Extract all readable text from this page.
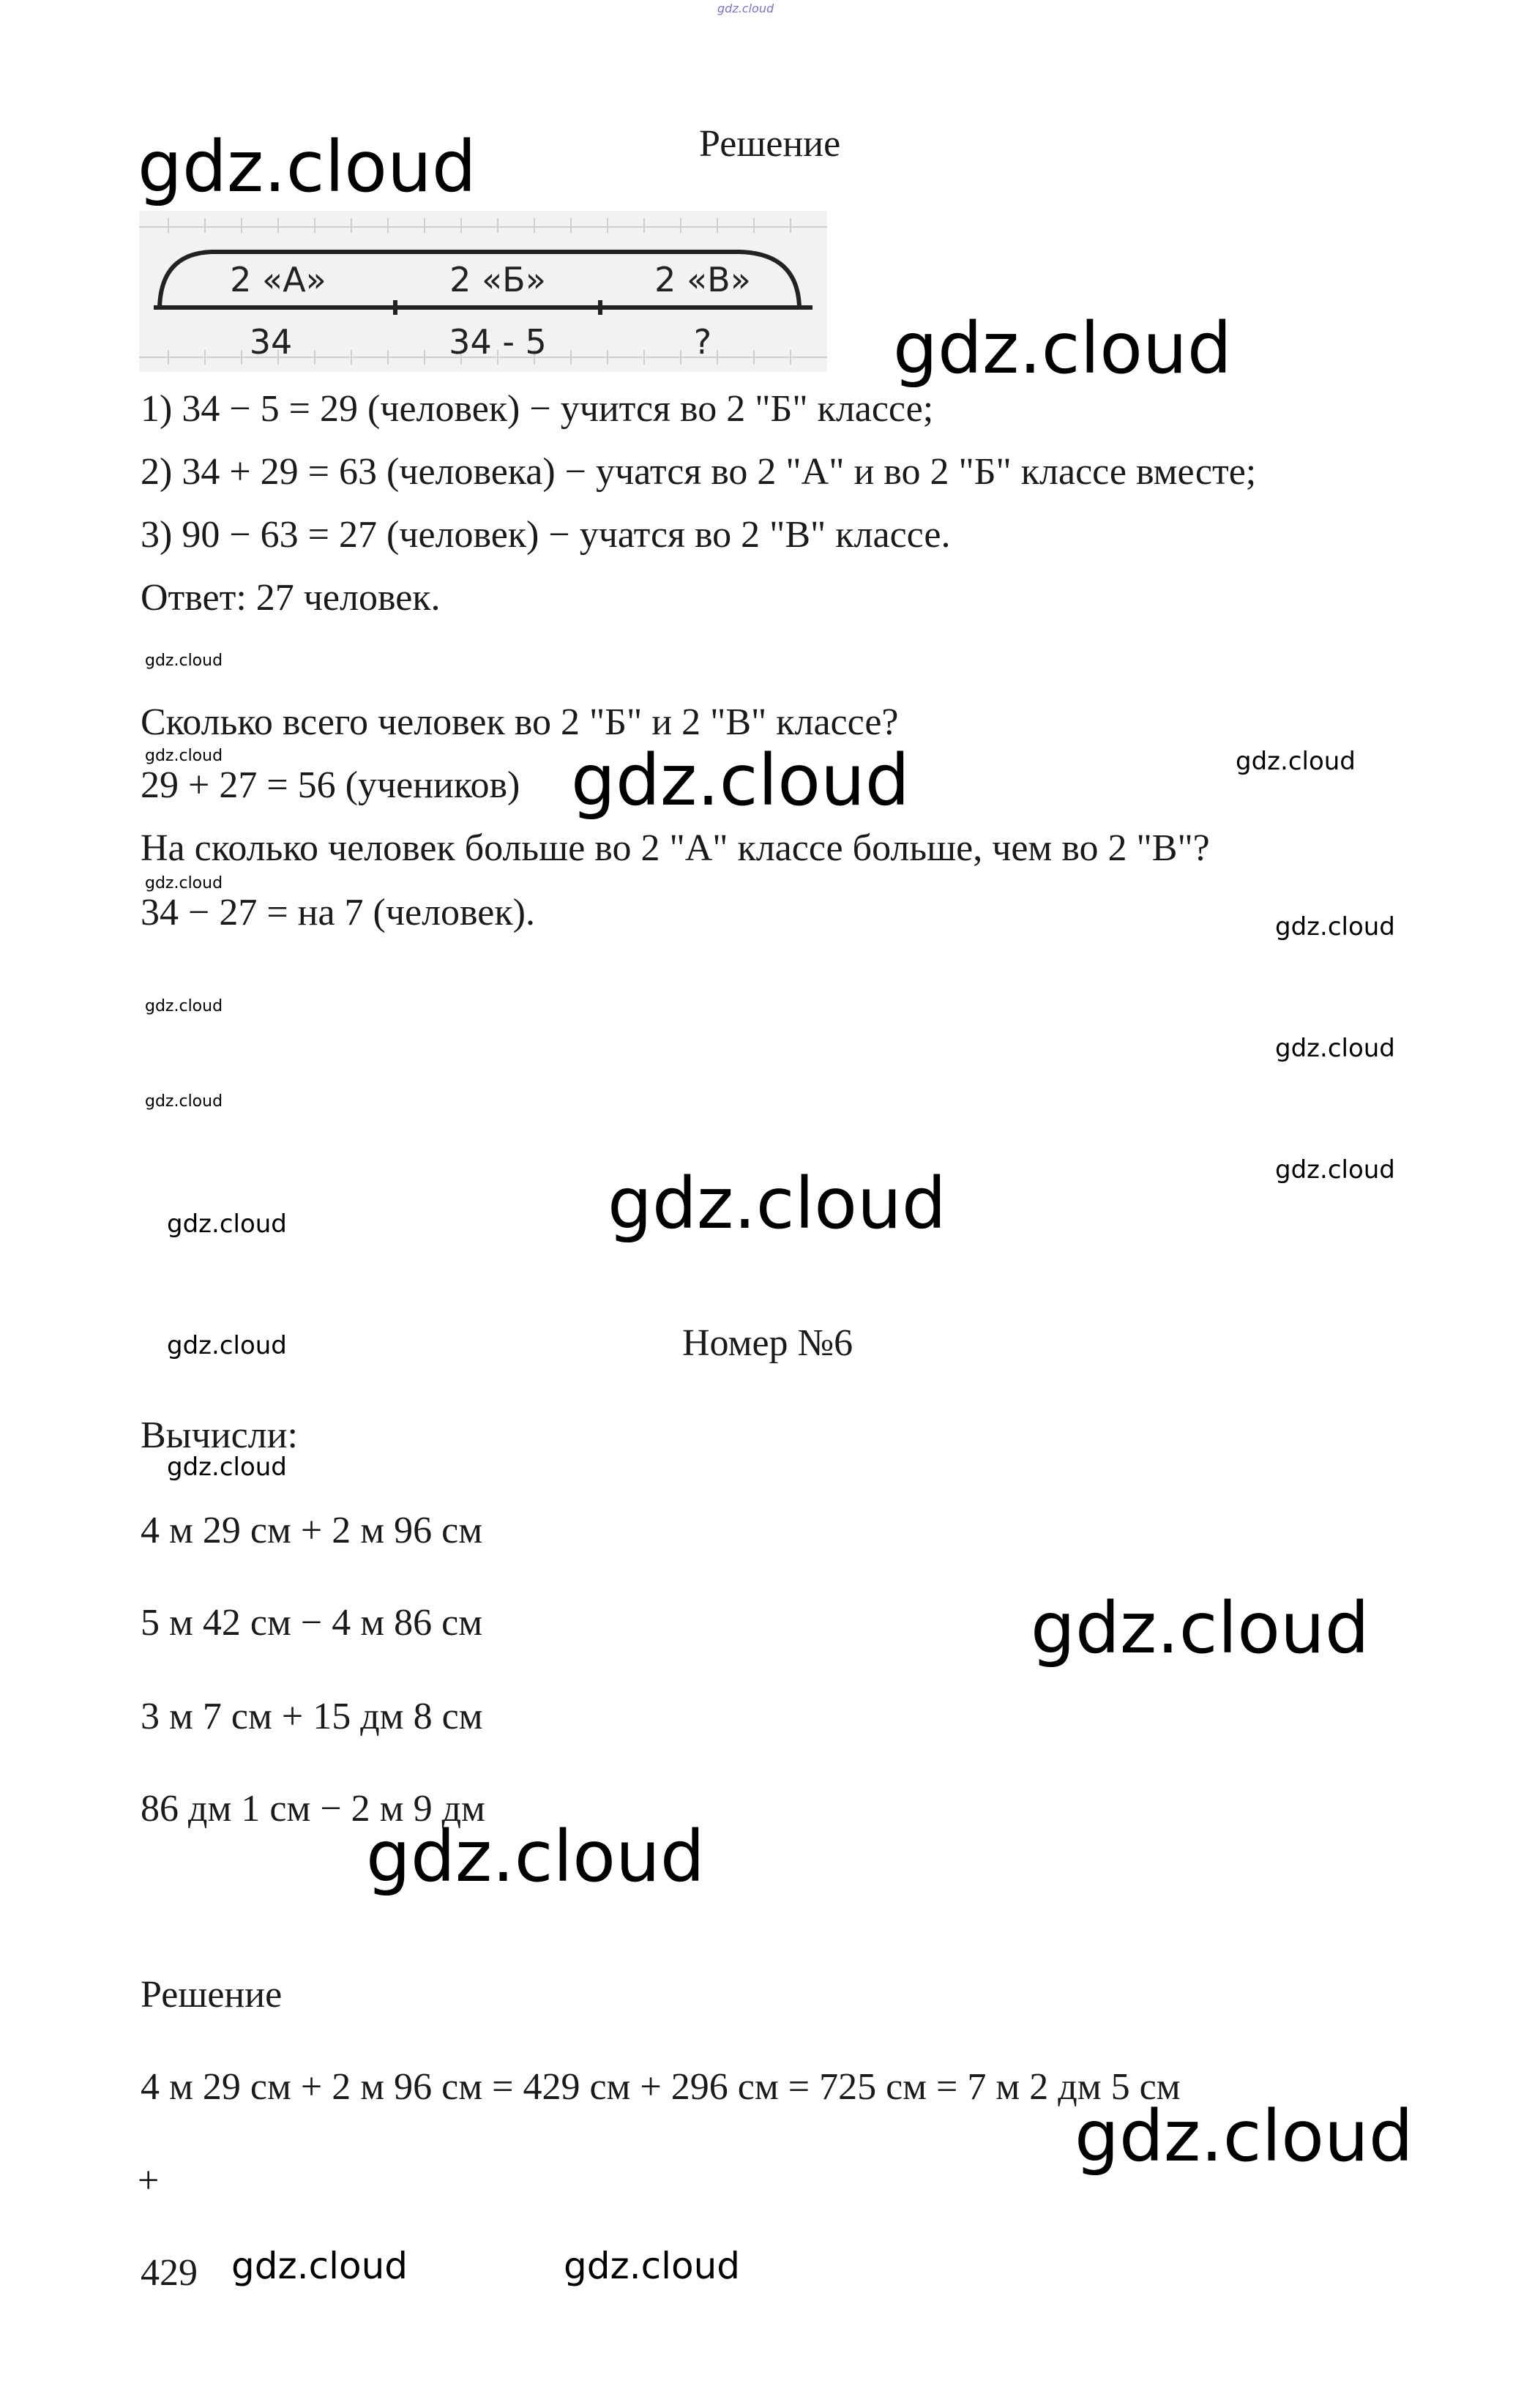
gdz.cloud
Решение
gdz.cloud
2 «А»	2 «Б»	2 «В»
34	34 - 5	?	gdz.cloud
1) 34 − 5 = 29 (человек) − учится во 2 "Б" классе;
2) 34 + 29 = 63 (человека) − учатся во 2 "А" и во 2 "Б" классе вместе;
3) 90 − 63 = 27 (человек) − учатся во 2 "В" классе.
Ответ: 27 человек.
gdz.cloud
Сколько всего человек во 2 "Б" и 2 "В" классе?
gdz.cloud
29 + 27 = 56 (учеников) gdz.cloud	gdz.cloud
На сколько человек больше во 2 "А" классе больше, чем во 2 "В"?
gdz.cloud
34 − 27 = на 7 (человек).	gdz.cloud
gdz.cloud
gdz.cloud
gdz.cloud
gdz.cloud
gdz.cloud
gdz.cloud
gdz.cloud	Номер №6
Вычисли:
gdz.cloud
4 м 29 см + 2 м 96 см
5 м 42 см − 4 м 86 см	gdz.cloud
3 м 7 см + 15 дм 8 см
86 дм 1 см − 2 м 9 дм
gdz.cloud
Решение
4 м 29 см + 2 м 96 см = 429 см + 296 см = 725 см = 7 м 2 дм 5 см
gdz.cloud
+
429 gdz.cloud	gdz.cloud
